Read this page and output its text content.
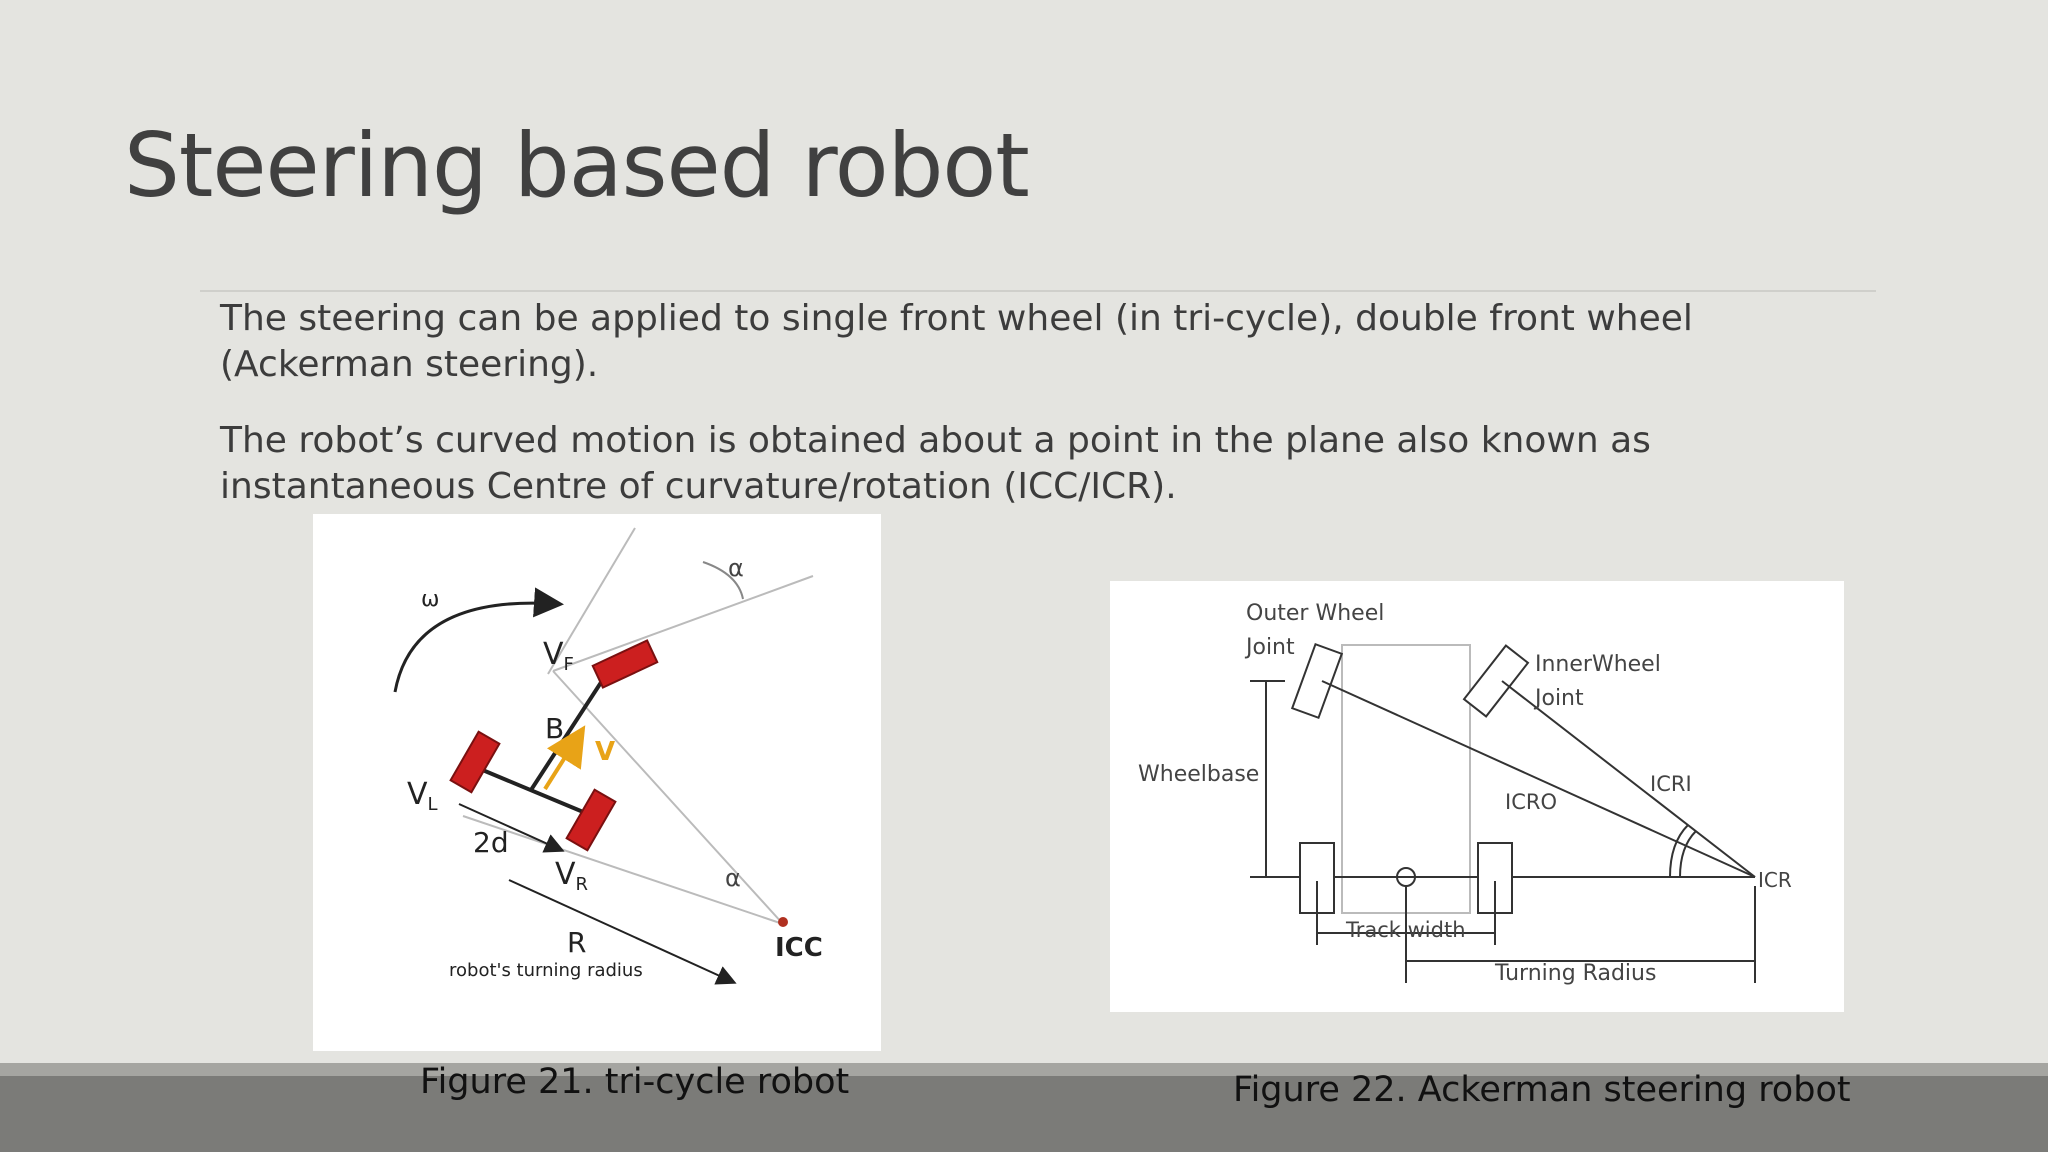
Steering based robot

The steering can be applied to single front wheel (in tri-cycle), double front wheel (Ackerman steering).

The robot’s curved motion is obtained about a point in the plane also known as instantaneous Centre of curvature/rotation (ICC/ICR).

ω
α
$V_F$
B
V
$V_L$
2d
$V_R$	α
R
robot's turning radius
ICC
Outer Wheel
Joint
InnerWheel
Joint
Wheelbase
ICRO
ICRI
ICR
Track width
Turning Radius
Figure 21. tri-cycle robot	Figure 22. Ackerman steering robot
